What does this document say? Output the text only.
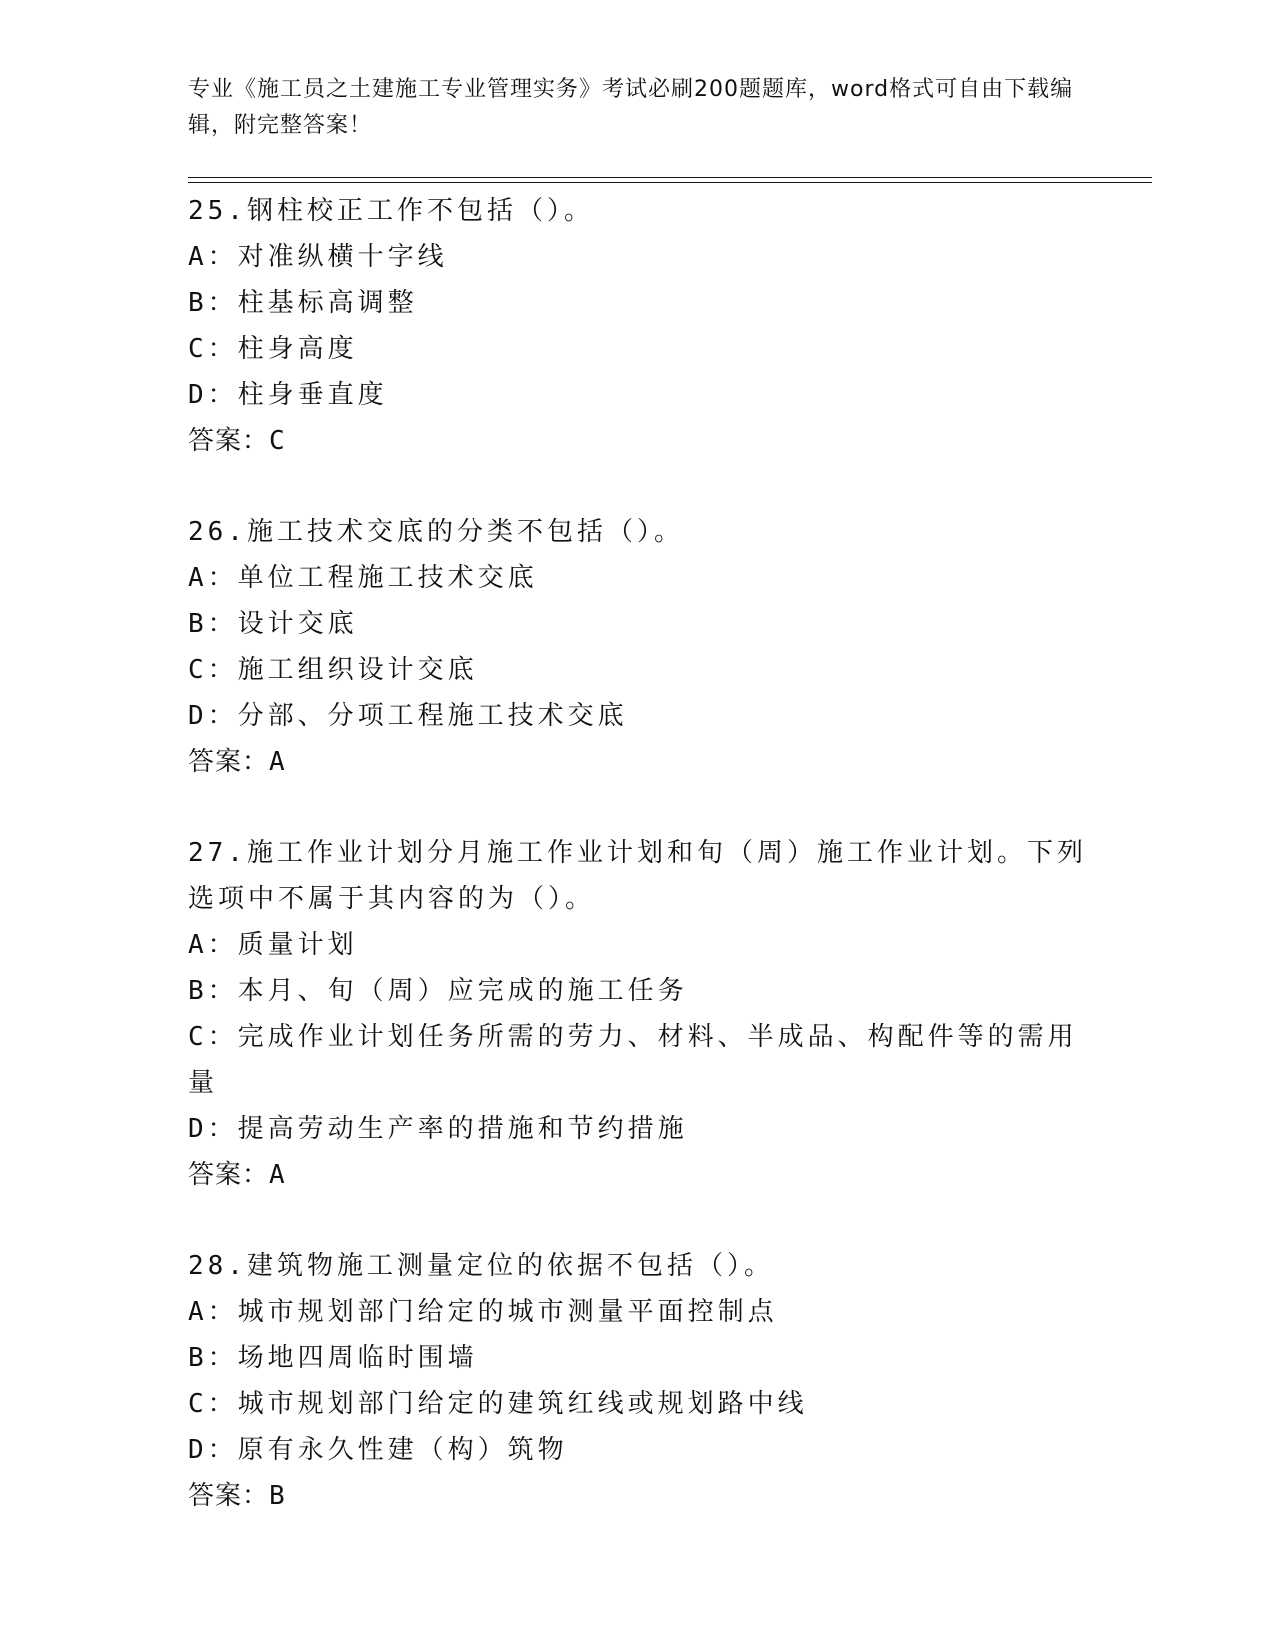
专业《施工员之土建施工专业管理实务》考试必刷200题题库，word格式可自由下载编辑，附完整答案！

25.钢柱校正工作不包括（）。

A：对准纵横十字线

B：柱基标高调整

C：柱身高度

D：柱身垂直度

答案：C

26.施工技术交底的分类不包括（）。

A：单位工程施工技术交底

B：设计交底

C：施工组织设计交底

D：分部、分项工程施工技术交底

答案：A

27.施工作业计划分月施工作业计划和旬（周）施工作业计划。下列选项中不属于其内容的为（）。

A：质量计划

B：本月、旬（周）应完成的施工任务

C：完成作业计划任务所需的劳力、材料、半成品、构配件等的需用量

D：提高劳动生产率的措施和节约措施

答案：A

28.建筑物施工测量定位的依据不包括（）。

A：城市规划部门给定的城市测量平面控制点

B：场地四周临时围墙

C：城市规划部门给定的建筑红线或规划路中线

D：原有永久性建（构）筑物

答案：B
